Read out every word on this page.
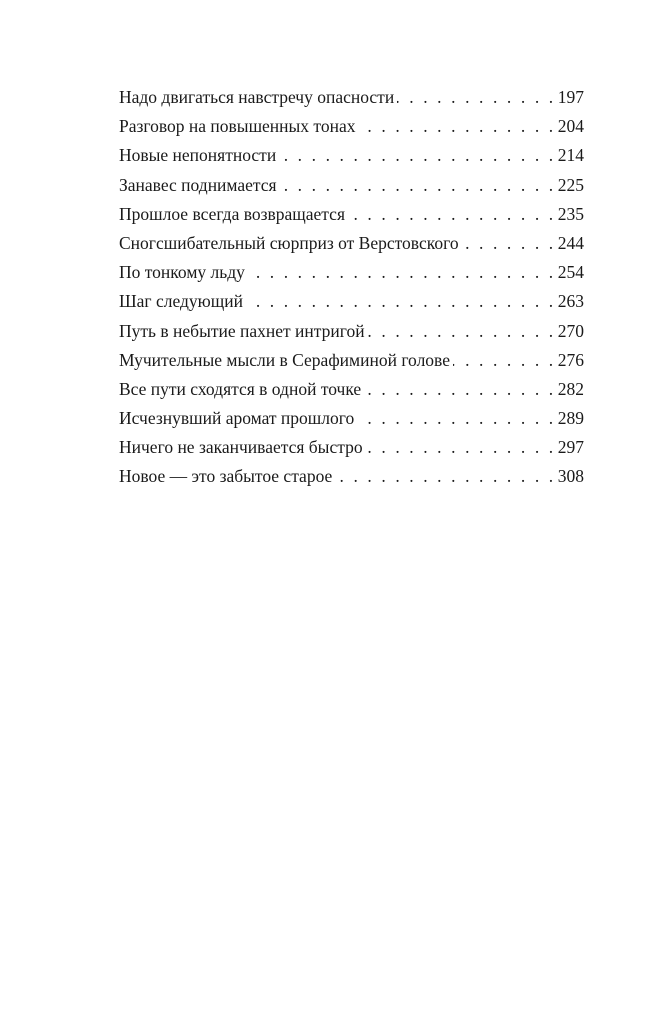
Надо двигаться навстречу опасности . . .	197
Разговор на повышенных тонах . . .	204
Новые непонятности . . .	214
Занавес поднимается . . .	225
Прошлое всегда возвращается . . .	235
Сногсшибательный сюрприз от Верстовского . . .	244
По тонкому льду . . .	254
Шаг следующий . . .	263
Путь в небытие пахнет интригой . . .	270
Мучительные мысли в Серафиминой голове . . .	276
Все пути сходятся в одной точке . . .	282
Исчезнувший аромат прошлого . . .	289
Ничего не заканчивается быстро . . .	297
Новое — это забытое старое . . .	308
